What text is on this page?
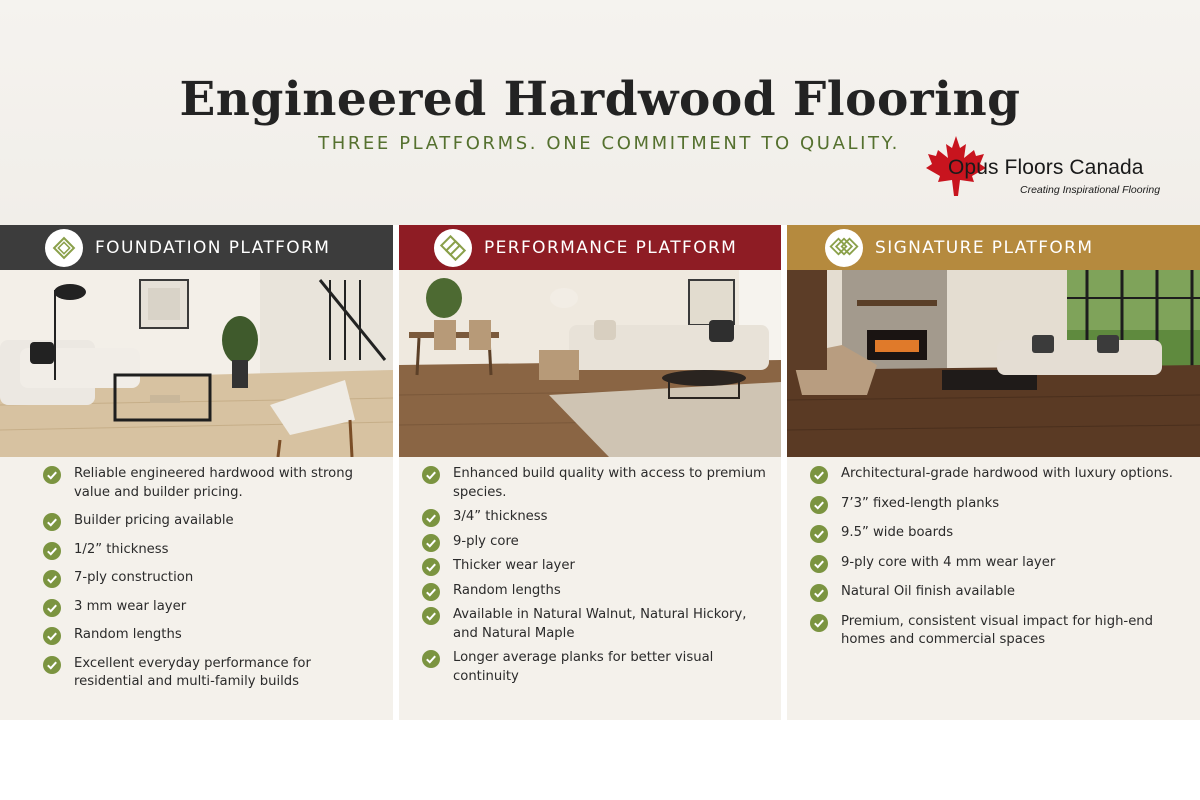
Engineered Hardwood Flooring
THREE PLATFORMS. ONE COMMITMENT TO QUALITY.
Opus Floors Canada
Creating Inspirational Flooring
FOUNDATION PLATFORM
Reliable engineered hardwood with strong value and builder pricing.
Builder pricing available
1/2” thickness
7-ply construction
3 mm wear layer
Random lengths
Excellent everyday performance for residential and multi-family builds
PERFORMANCE PLATFORM
Enhanced build quality with access to premium species.
3/4” thickness
9-ply core
Thicker wear layer
Random lengths
Available in Natural Walnut, Natural Hickory, and Natural Maple
Longer average planks for better visual continuity
SIGNATURE PLATFORM
Architectural-grade hardwood with luxury options.
7’3” fixed-length planks
9.5” wide boards
9-ply core with 4 mm wear layer
Natural Oil finish available
Premium, consistent visual impact for high-end homes and commercial spaces
